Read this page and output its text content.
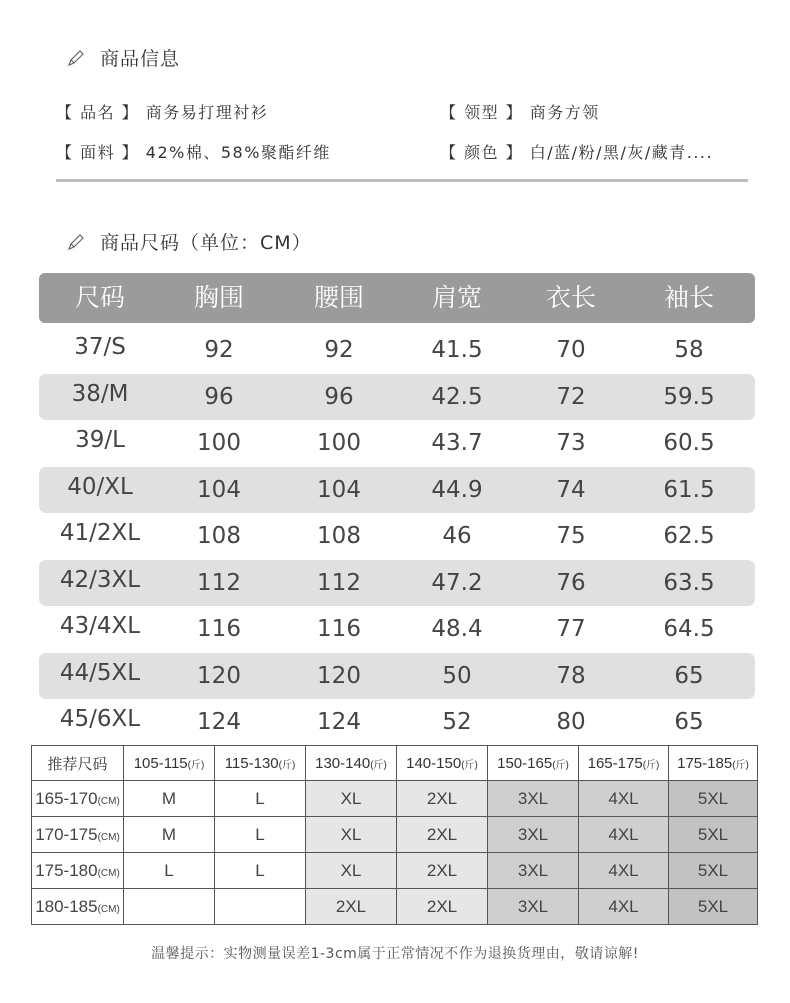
商品信息
【 品名 】 商务易打理衬衫	【 领型 】 商务方领
【 面料 】 42%棉、58%聚酯纤维	【 颜色 】 白/蓝/粉/黑/灰/藏青....
商品尺码（单位：CM）
尺码	胸围	腰围	肩宽	衣长	袖长
37/S	92	92	41.5	70	58
38/M	96	96	42.5	72	59.5
39/L	100	100	43.7	73	60.5
40/XL	104	104	44.9	74	61.5
41/2XL	108	108	46	75	62.5
42/3XL	112	112	47.2	76	63.5
43/4XL	116	116	48.4	77	64.5
44/5XL	120	120	50	78	65
45/6XL	124	124	52	80	65
推荐尺码	105-115(斤)	115-130(斤)	130-140(斤)	140-150(斤)	150-165(斤)	165-175(斤)	175-185(斤)
165-170(CM)	M	L	XL	2XL	3XL	4XL	5XL
170-175(CM)	M	L	XL	2XL	3XL	4XL	5XL
175-180(CM)	L	L	XL	2XL	3XL	4XL	5XL
180-185(CM)			2XL	2XL	3XL	4XL	5XL
温馨提示：实物测量误差1-3cm属于正常情况不作为退换货理由，敬请谅解!
